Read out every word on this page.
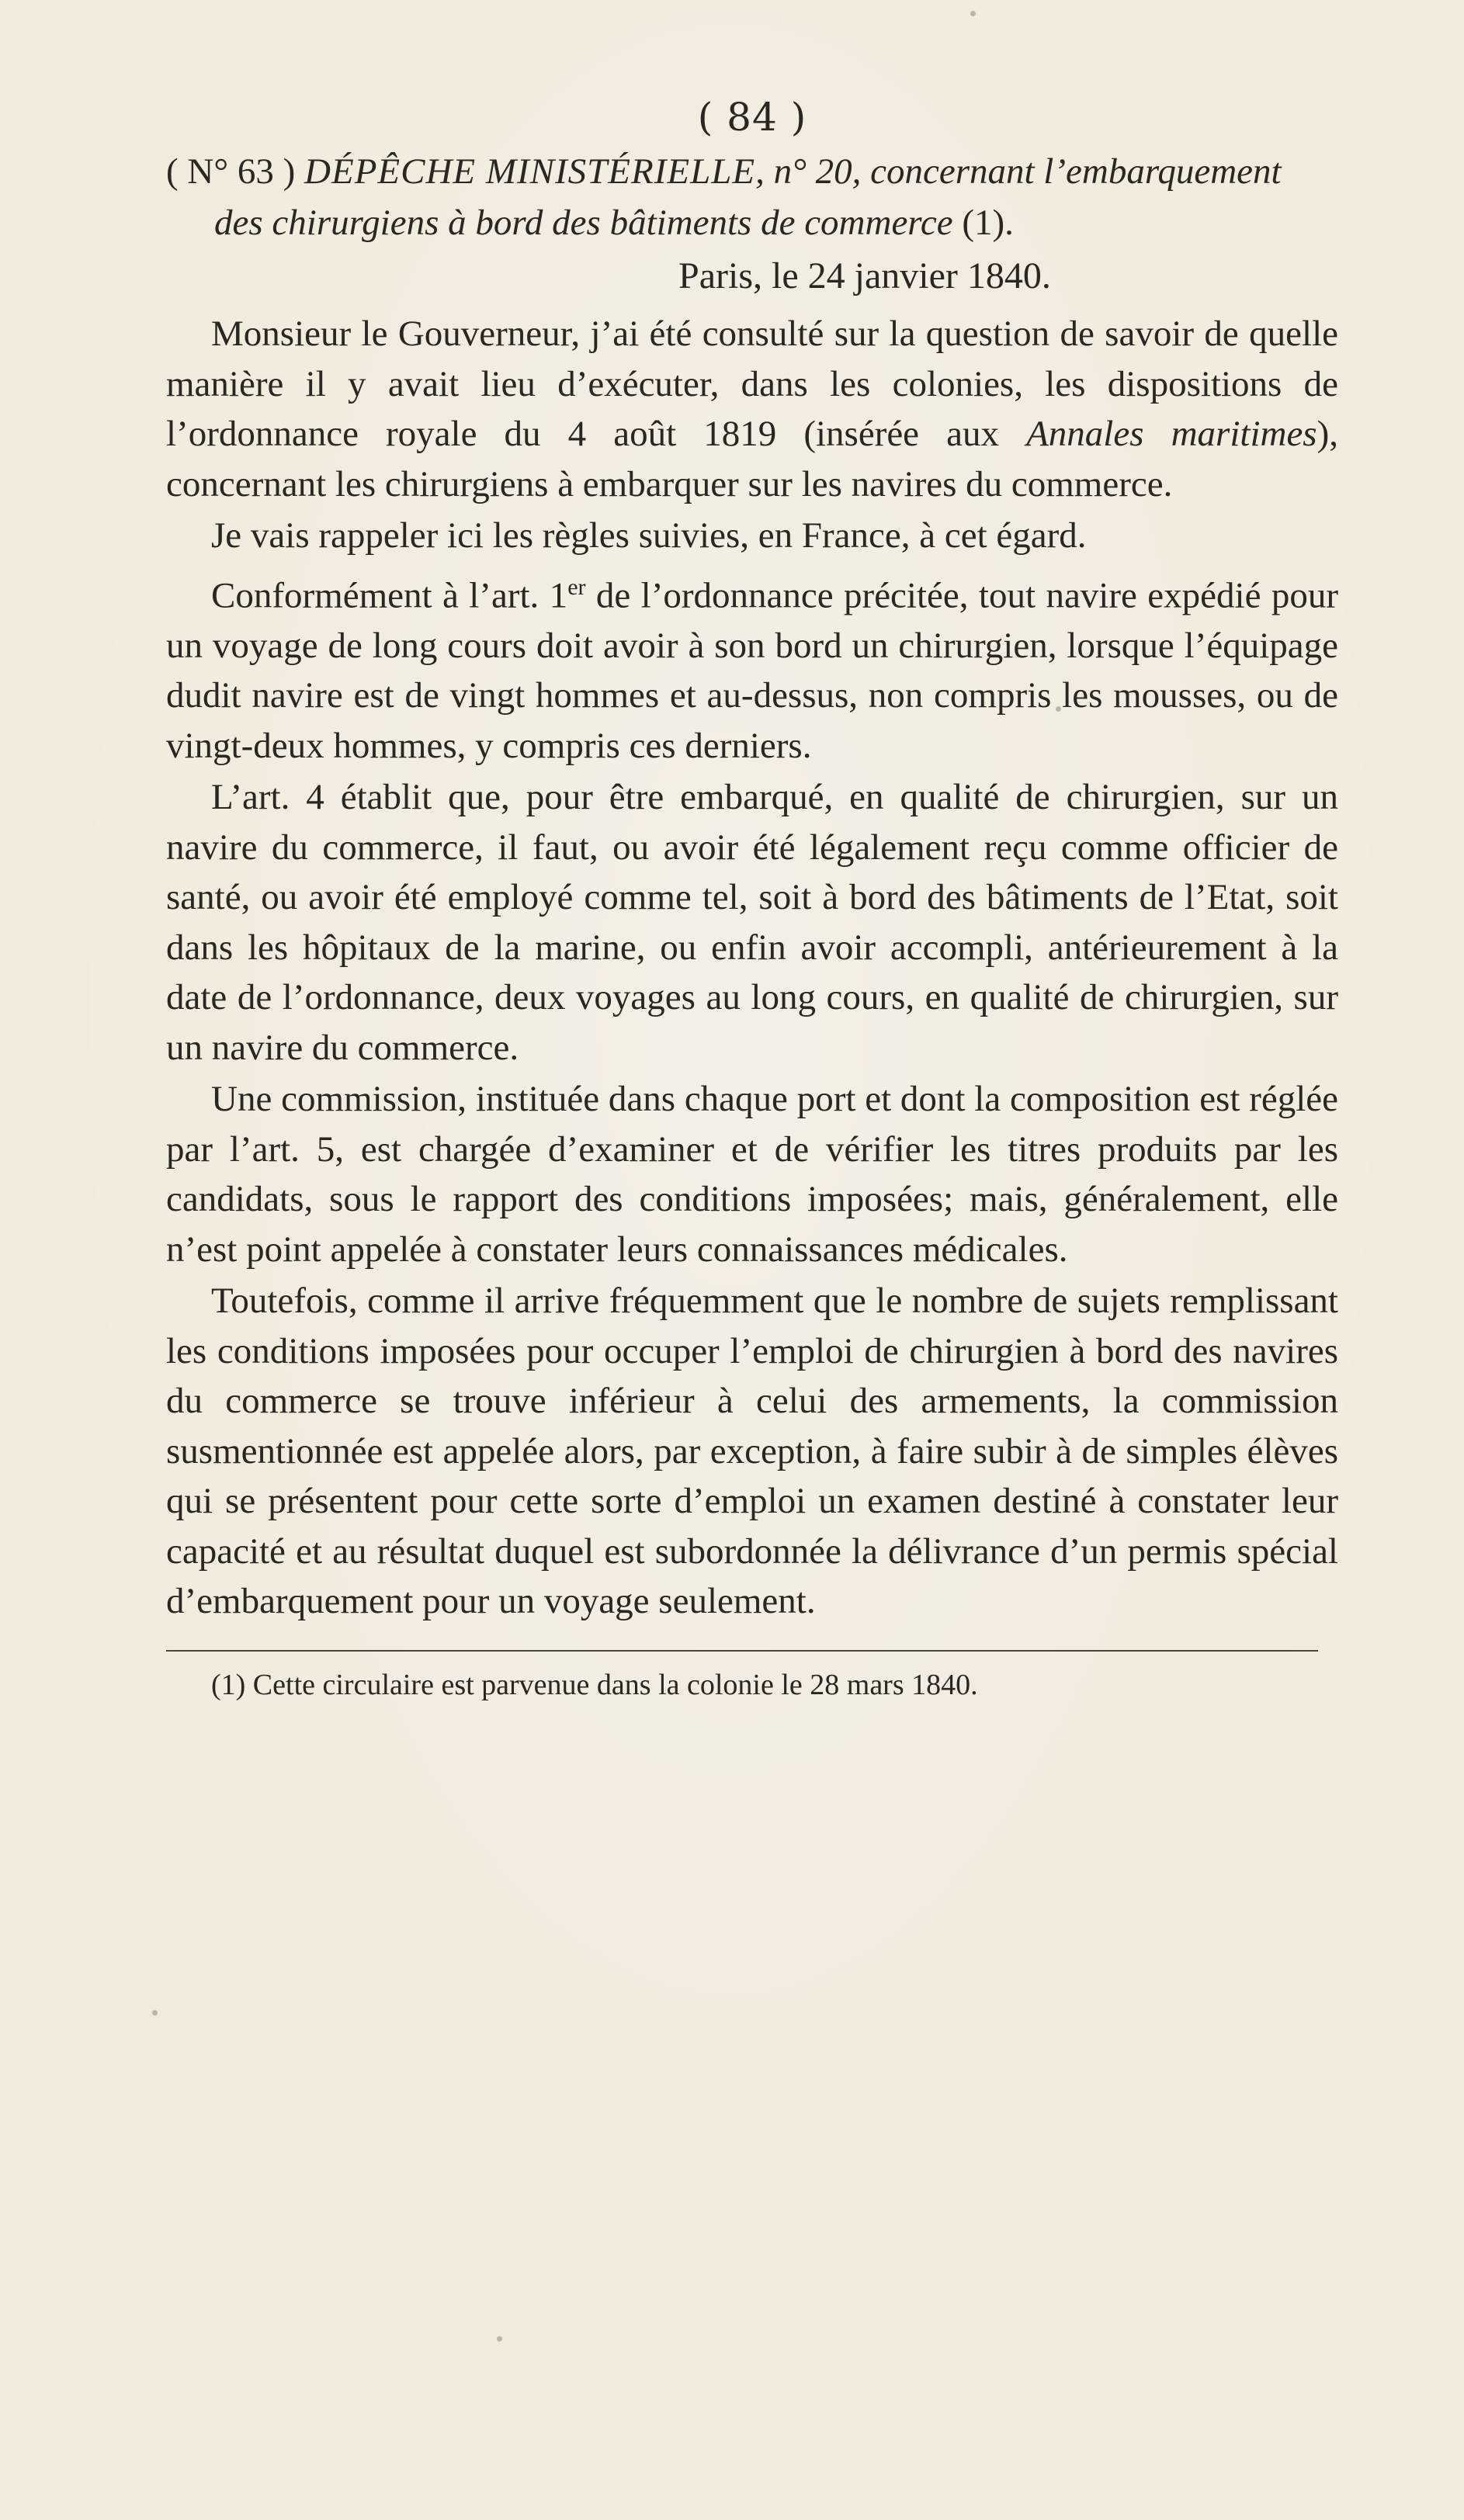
( 84 )

( N° 63 ) DÉPÊCHE MINISTÉRIELLE, n° 20, concernant l’embarquement des chirurgiens à bord des bâtiments de commerce (1).

Paris, le 24 janvier 1840.

Monsieur le Gouverneur, j’ai été consulté sur la question de savoir de quelle manière il y avait lieu d’exécuter, dans les colonies, les dispositions de l’ordonnance royale du 4 août 1819 (insérée aux Annales maritimes), concernant les chirurgiens à embarquer sur les navires du commerce.

Je vais rappeler ici les règles suivies, en France, à cet égard.

Conformément à l’art. 1er de l’ordonnance précitée, tout navire expédié pour un voyage de long cours doit avoir à son bord un chirurgien, lorsque l’équipage dudit navire est de vingt hommes et au-dessus, non compris les mousses, ou de vingt-deux hommes, y compris ces derniers.

L’art. 4 établit que, pour être embarqué, en qualité de chirurgien, sur un navire du commerce, il faut, ou avoir été légalement reçu comme officier de santé, ou avoir été employé comme tel, soit à bord des bâtiments de l’Etat, soit dans les hôpitaux de la marine, ou enfin avoir accompli, antérieurement à la date de l’ordonnance, deux voyages au long cours, en qualité de chirurgien, sur un navire du commerce.

Une commission, instituée dans chaque port et dont la composition est réglée par l’art. 5, est chargée d’examiner et de vérifier les titres produits par les candidats, sous le rapport des conditions imposées; mais, généralement, elle n’est point appelée à constater leurs connaissances médicales.

Toutefois, comme il arrive fréquemment que le nombre de sujets remplissant les conditions imposées pour occuper l’emploi de chirurgien à bord des navires du commerce se trouve inférieur à celui des armements, la commission susmentionnée est appelée alors, par exception, à faire subir à de simples élèves qui se présentent pour cette sorte d’emploi un examen destiné à constater leur capacité et au résultat duquel est subordonnée la délivrance d’un permis spécial d’embarquement pour un voyage seulement.

(1) Cette circulaire est parvenue dans la colonie le 28 mars 1840.
